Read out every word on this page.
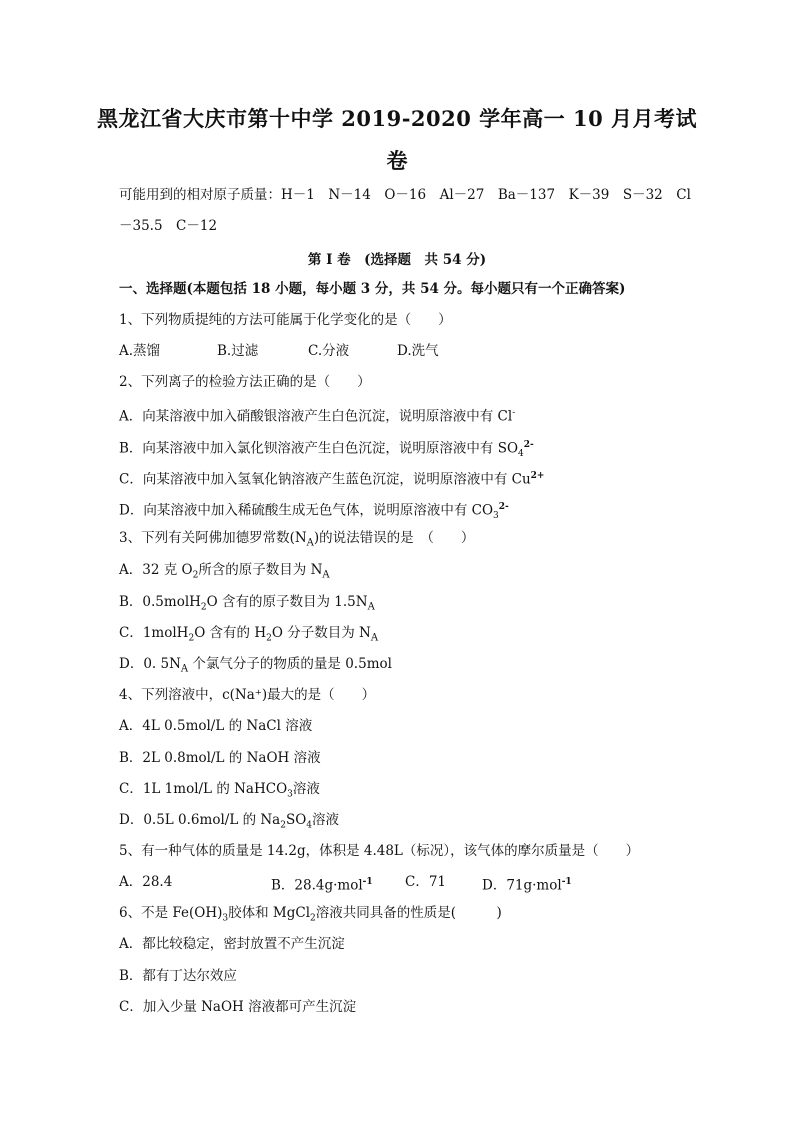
黑龙江省大庆市第十中学 2019-2020 学年高一 10 月月考试
卷
可能用到的相对原子质量：H－1　N－14　O－16　Al－27　Ba－137　K－39　S－32　Cl
－35.5　C－12
第 I 卷　(选择题　共 54 分)
一、选择题(本题包括 18 小题，每小题 3 分，共 54 分。每小题只有一个正确答案)
1、下列物质提纯的方法可能属于化学变化的是（　　）
A.蒸馏	B.过滤	C.分液	D.洗气
2、下列离子的检验方法正确的是（　　）
A．向某溶液中加入硝酸银溶液产生白色沉淀，说明原溶液中有 Cl-
B．向某溶液中加入氯化钡溶液产生白色沉淀，说明原溶液中有 $SO_4^{2-}$
C．向某溶液中加入氢氧化钠溶液产生蓝色沉淀，说明原溶液中有 $Cu^{2+}$
D．向某溶液中加入稀硫酸生成无色气体，说明原溶液中有 $CO_3^{2-}$
3、下列有关阿佛加德罗常数$(N_A)$的说法错误的是　（　　）
A．32 克 $O_2$所含的原子数目为 $N_A$
B．0.5molH$_2$O 含有的原子数目为 $1.5N_A$
C．1molH$_2$O 含有的 $H_2O$ 分子数目为 $N_A$
D．0. $5N_A$ 个氯气分子的物质的量是 0.5mol
4、下列溶液中，c(Na⁺)最大的是（　　）
A．4L 0.5mol/L 的 NaCl 溶液
B．2L 0.8mol/L 的 NaOH 溶液
C．1L 1mol/L 的 NaHCO$_3$溶液
D．0.5L 0.6mol/L 的 $Na_2SO_4$溶液
5、有一种气体的质量是 14.2g，体积是 4.48L（标况），该气体的摩尔质量是（　　）
A．28.4	B．28.4g·mol$^{-1}$ C．71	D．71g·mol$^{-1}$
6、不是 $Fe(OH)_3$胶体和 MgCl$_2$溶液共同具备的性质是(　　　)
A．都比较稳定，密封放置不产生沉淀
B．都有丁达尔效应
C．加入少量 NaOH 溶液都可产生沉淀
